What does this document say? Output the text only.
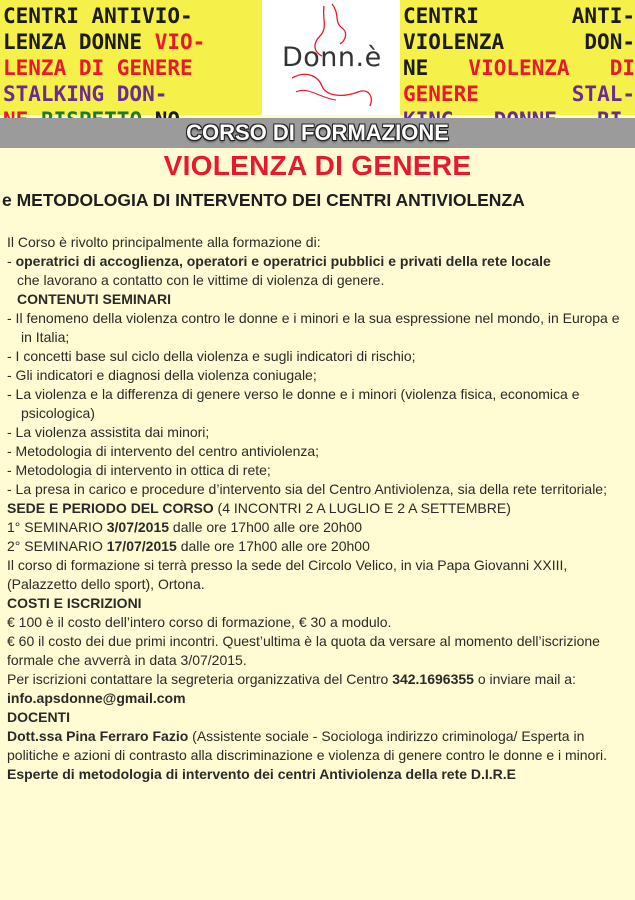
CENTRI ANTIVIO-
LENZA DONNE VIO-
LENZA DI GENERE
STALKING DON-
Donn.è
CENTRI ANTI-
VIOLENZA DON-
NE VIOLENZA DI
GENERE STAL-
CORSO DI FORMAZIONE
VIOLENZA DI GENERE
e METODOLOGIA DI INTERVENTO DEI CENTRI ANTIVIOLENZA

Il Corso è rivolto principalmente alla formazione di:

- operatrici di accoglienza, operatori e operatrici pubblici e privati della rete locale

che lavorano a contatto con le vittime di violenza di genere.

CONTENUTI SEMINARI

- Il fenomeno della violenza contro le donne e i minori e la sua espressione nel mondo, in Europa e in Italia;

- I concetti base sul ciclo della violenza e sugli indicatori di rischio;

- Gli indicatori e diagnosi della violenza coniugale;

- La violenza e la differenza di genere verso le donne e i minori (violenza fisica, economica e psicologica)

- La violenza assistita dai minori;

- Metodologia di intervento del centro antiviolenza;

- Metodologia di intervento in ottica di rete;

- La presa in carico e procedure d’intervento sia del Centro Antiviolenza, sia della rete territoriale;

SEDE E PERIODO DEL CORSO (4 INCONTRI 2 A LUGLIO E 2 A SETTEMBRE)

1° SEMINARIO 3/07/2015 dalle ore 17h00 alle ore 20h00

2° SEMINARIO 17/07/2015 dalle ore 17h00 alle ore 20h00

Il corso di formazione si terrà presso la sede del Circolo Velico, in via Papa Giovanni XXIII, (Palazzetto dello sport), Ortona.

COSTI E ISCRIZIONI

€ 100 è il costo dell’intero corso di formazione, € 30 a modulo.

€ 60 il costo dei due primi incontri. Quest’ultima è la quota da versare al momento dell’iscrizione formale che avverrà in data 3/07/2015.

Per iscrizioni contattare la segreteria organizzativa del Centro 342.1696355 o inviare mail a: info.apsdonne@gmail.com

DOCENTI

Dott.ssa Pina Ferraro Fazio (Assistente sociale - Sociologa indirizzo criminologa/ Esperta in politiche e azioni di contrasto alla discriminazione e violenza di genere contro le donne e i minori.

Esperte di metodologia di intervento dei centri Antiviolenza della rete D.I.R.E
